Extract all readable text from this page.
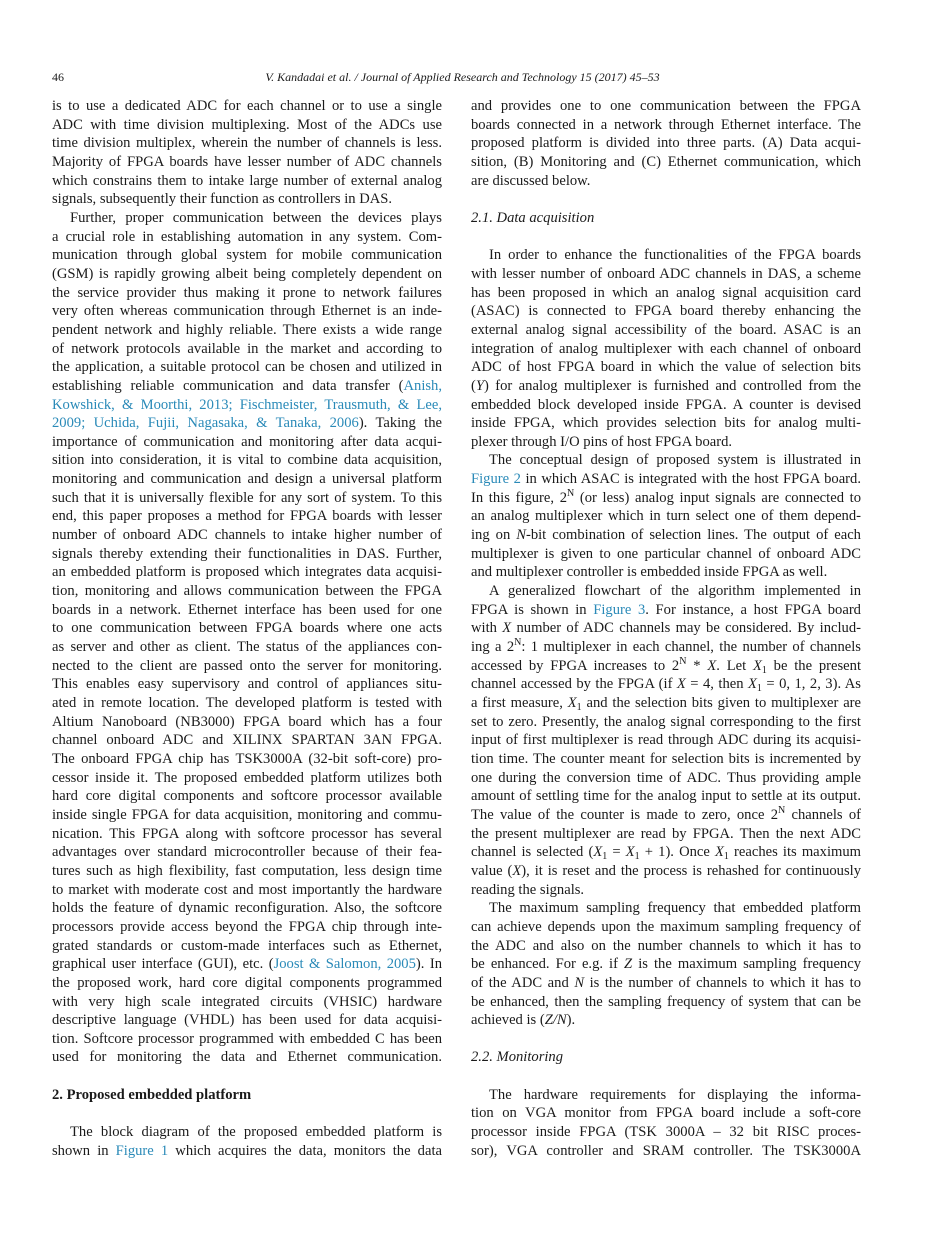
46	V. Kandadai et al. / Journal of Applied Research and Technology 15 (2017) 45–53
is to use a dedicated ADC for each channel or to use a single
ADC with time division multiplexing. Most of the ADCs use
time division multiplex, wherein the number of channels is less.
Majority of FPGA boards have lesser number of ADC channels
which constrains them to intake large number of external analog
signals, subsequently their function as controllers in DAS.
Further, proper communication between the devices plays
a crucial role in establishing automation in any system. Com-
munication through global system for mobile communication
(GSM) is rapidly growing albeit being completely dependent on
the service provider thus making it prone to network failures
very often whereas communication through Ethernet is an inde-
pendent network and highly reliable. There exists a wide range
of network protocols available in the market and according to
the application, a suitable protocol can be chosen and utilized in
establishing reliable communication and data transfer (Anish,
Kowshick, & Moorthi, 2013; Fischmeister, Trausmuth, & Lee,
2009; Uchida, Fujii, Nagasaka, & Tanaka, 2006). Taking the
importance of communication and monitoring after data acqui-
sition into consideration, it is vital to combine data acquisition,
monitoring and communication and design a universal platform
such that it is universally flexible for any sort of system. To this
end, this paper proposes a method for FPGA boards with lesser
number of onboard ADC channels to intake higher number of
signals thereby extending their functionalities in DAS. Further,
an embedded platform is proposed which integrates data acquisi-
tion, monitoring and allows communication between the FPGA
boards in a network. Ethernet interface has been used for one
to one communication between FPGA boards where one acts
as server and other as client. The status of the appliances con-
nected to the client are passed onto the server for monitoring.
This enables easy supervisory and control of appliances situ-
ated in remote location. The developed platform is tested with
Altium Nanoboard (NB3000) FPGA board which has a four
channel onboard ADC and XILINX SPARTAN 3AN FPGA.
The onboard FPGA chip has TSK3000A (32-bit soft-core) pro-
cessor inside it. The proposed embedded platform utilizes both
hard core digital components and softcore processor available
inside single FPGA for data acquisition, monitoring and commu-
nication. This FPGA along with softcore processor has several
advantages over standard microcontroller because of their fea-
tures such as high flexibility, fast computation, less design time
to market with moderate cost and most importantly the hardware
holds the feature of dynamic reconfiguration. Also, the softcore
processors provide access beyond the FPGA chip through inte-
grated standards or custom-made interfaces such as Ethernet,
graphical user interface (GUI), etc. (Joost & Salomon, 2005). In
the proposed work, hard core digital components programmed
with very high scale integrated circuits (VHSIC) hardware
descriptive language (VHDL) has been used for data acquisi-
tion. Softcore processor programmed with embedded C has been
used for monitoring the data and Ethernet communication.
2. Proposed embedded platform
The block diagram of the proposed embedded platform is
shown in Figure 1 which acquires the data, monitors the data
and provides one to one communication between the FPGA
boards connected in a network through Ethernet interface. The
proposed platform is divided into three parts. (A) Data acqui-
sition, (B) Monitoring and (C) Ethernet communication, which
are discussed below.
2.1. Data acquisition
In order to enhance the functionalities of the FPGA boards
with lesser number of onboard ADC channels in DAS, a scheme
has been proposed in which an analog signal acquisition card
(ASAC) is connected to FPGA board thereby enhancing the
external analog signal accessibility of the board. ASAC is an
integration of analog multiplexer with each channel of onboard
ADC of host FPGA board in which the value of selection bits
(Y) for analog multiplexer is furnished and controlled from the
embedded block developed inside FPGA. A counter is devised
inside FPGA, which provides selection bits for analog multi-
plexer through I/O pins of host FPGA board.
The conceptual design of proposed system is illustrated in
Figure 2 in which ASAC is integrated with the host FPGA board.
In this figure, $2^N$ (or less) analog input signals are connected to
an analog multiplexer which in turn select one of them depend-
ing on N-bit combination of selection lines. The output of each
multiplexer is given to one particular channel of onboard ADC
and multiplexer controller is embedded inside FPGA as well.
A generalized flowchart of the algorithm implemented in
FPGA is shown in Figure 3. For instance, a host FPGA board
with X number of ADC channels may be considered. By includ-
ing a $2^N$: 1 multiplexer in each channel, the number of channels
accessed by FPGA increases to $2^N$ * X. Let $X_1$ be the present
channel accessed by the FPGA (if X = 4, then $X_1 = 0$, 1, 2, 3). As
a first measure, $X_1$ and the selection bits given to multiplexer are
set to zero. Presently, the analog signal corresponding to the first
input of first multiplexer is read through ADC during its acquisi-
tion time. The counter meant for selection bits is incremented by
one during the conversion time of ADC. Thus providing ample
amount of settling time for the analog input to settle at its output.
The value of the counter is made to zero, once $2^N$ channels of
the present multiplexer are read by FPGA. Then the next ADC
channel is selected $(X_1 = X_1 + 1)$. Once $X_1$ reaches its maximum
value (X), it is reset and the process is rehashed for continuously
reading the signals.
The maximum sampling frequency that embedded platform
can achieve depends upon the maximum sampling frequency of
the ADC and also on the number channels to which it has to
be enhanced. For e.g. if Z is the maximum sampling frequency
of the ADC and N is the number of channels to which it has to
be enhanced, then the sampling frequency of system that can be
achieved is (Z/N).
2.2. Monitoring
The hardware requirements for displaying the informa-
tion on VGA monitor from FPGA board include a soft-core
processor inside FPGA (TSK 3000A – 32 bit RISC proces-
sor), VGA controller and SRAM controller. The TSK3000A
